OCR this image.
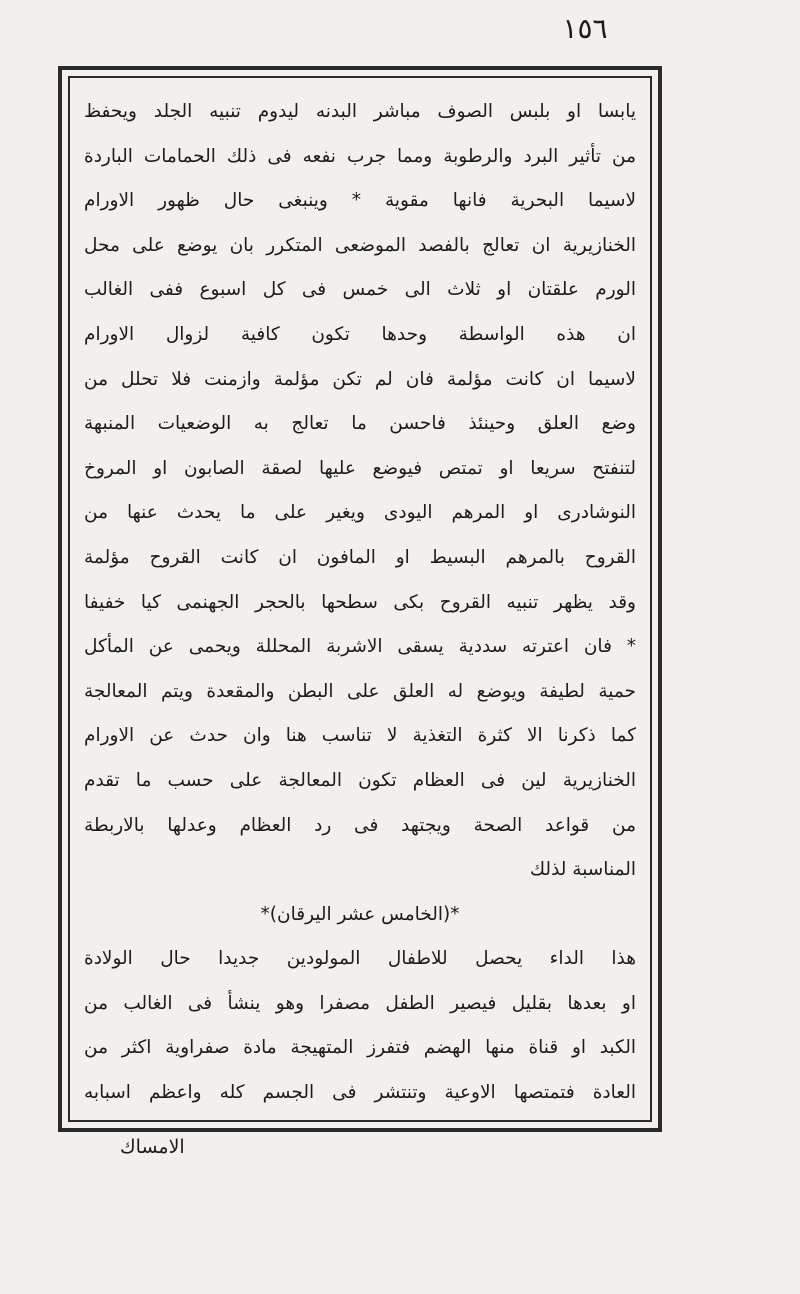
١٥٦
يابسا او بلبس الصوف مباشر البدنه ليدوم تنبيه الجلد ويحفظ
من تأثير البرد والرطوبة ومما جرب نفعه فى ذلك الحمامات الباردة
لاسيما البحرية فانها مقوية * وينبغى حال ظهور الاورام
الخنازيرية ان تعالج بالفصد الموضعى المتكرر بان يوضع على محل
الورم علقتان او ثلاث الى خمس فى كل اسبوع ففى الغالب
ان هذه الواسطة وحدها تكون كافية لزوال الاورام
لاسيما ان كانت مؤلمة فان لم تكن مؤلمة وازمنت فلا تحلل من
وضع العلق وحينئذ فاحسن ما تعالج به الوضعيات المنبهة
لتنفتح سريعا او تمتص فيوضع عليها لصقة الصابون او المروخ
النوشادرى او المرهم اليودى ويغير على ما يحدث عنها من
القروح بالمرهم البسيط او المافون ان كانت القروح مؤلمة
وقد يظهر تنبيه القروح بكى سطحها بالحجر الجهنمى كيا خفيفا
* فان اعترته سددية يسقى الاشربة المحللة ويحمى عن المأكل
حمية لطيفة ويوضع له العلق على البطن والمقعدة ويتم المعالجة
كما ذكرنا الا كثرة التغذية لا تناسب هنا وان حدث عن الاورام
الخنازيرية لين فى العظام تكون المعالجة على حسب ما تقدم
من قواعد الصحة ويجتهد فى رد العظام وعدلها بالاربطة
المناسبة لذلك
*(الخامس عشر اليرقان)*
هذا الداء يحصل للاطفال المولودين جديدا حال الولادة
او بعدها بقليل فيصير الطفل مصفرا وهو ينشأ فى الغالب من
الكبد او قناة منها الهضم فتفرز المتهيجة مادة صفراوية اكثر من
العادة فتمتصها الاوعية وتنتشر فى الجسم كله واعظم اسبابه
الامساك
